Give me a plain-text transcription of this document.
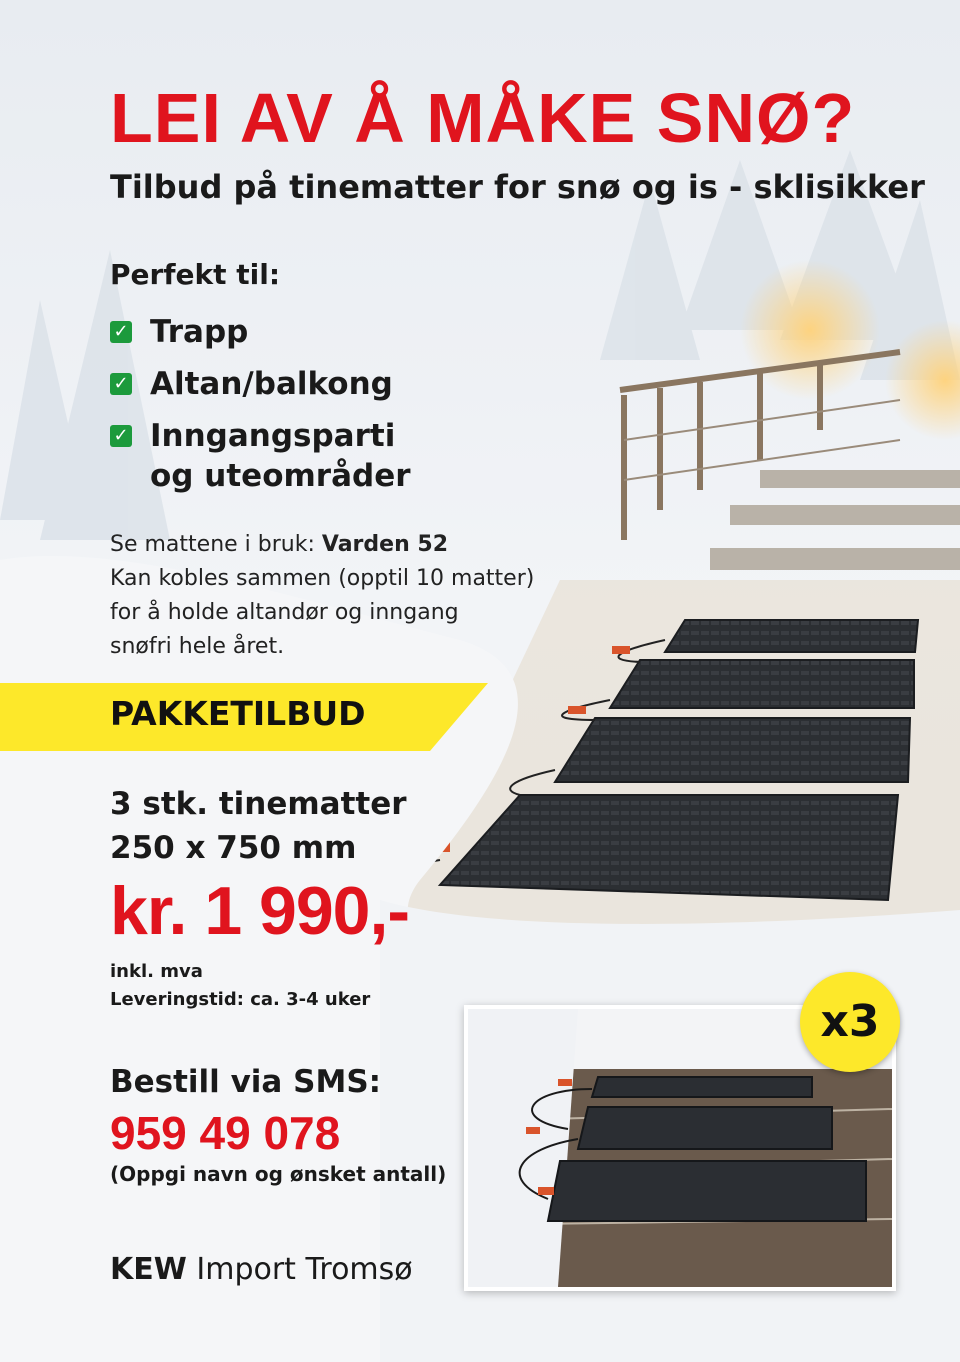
LEI AV Å MÅKE SNØ?
Tilbud på tinematter for snø og is - sklisikker
Perfekt til:
✓ Trapp
✓ Altan/balkong
✓ Inngangsparti
og uteområder
Se mattene i bruk: Varden 52
Kan kobles sammen (opptil 10 matter)
for å holde altandør og inngang
snøfri hele året.
PAKKETILBUD
3 stk. tinematter
250 x 750 mm
kr. 1 990,-
inkl. mva
Leveringstid: ca. 3-4 uker
Bestill via SMS:
959 49 078
(Oppgi navn og ønsket antall)
KEW Import Tromsø
x3
